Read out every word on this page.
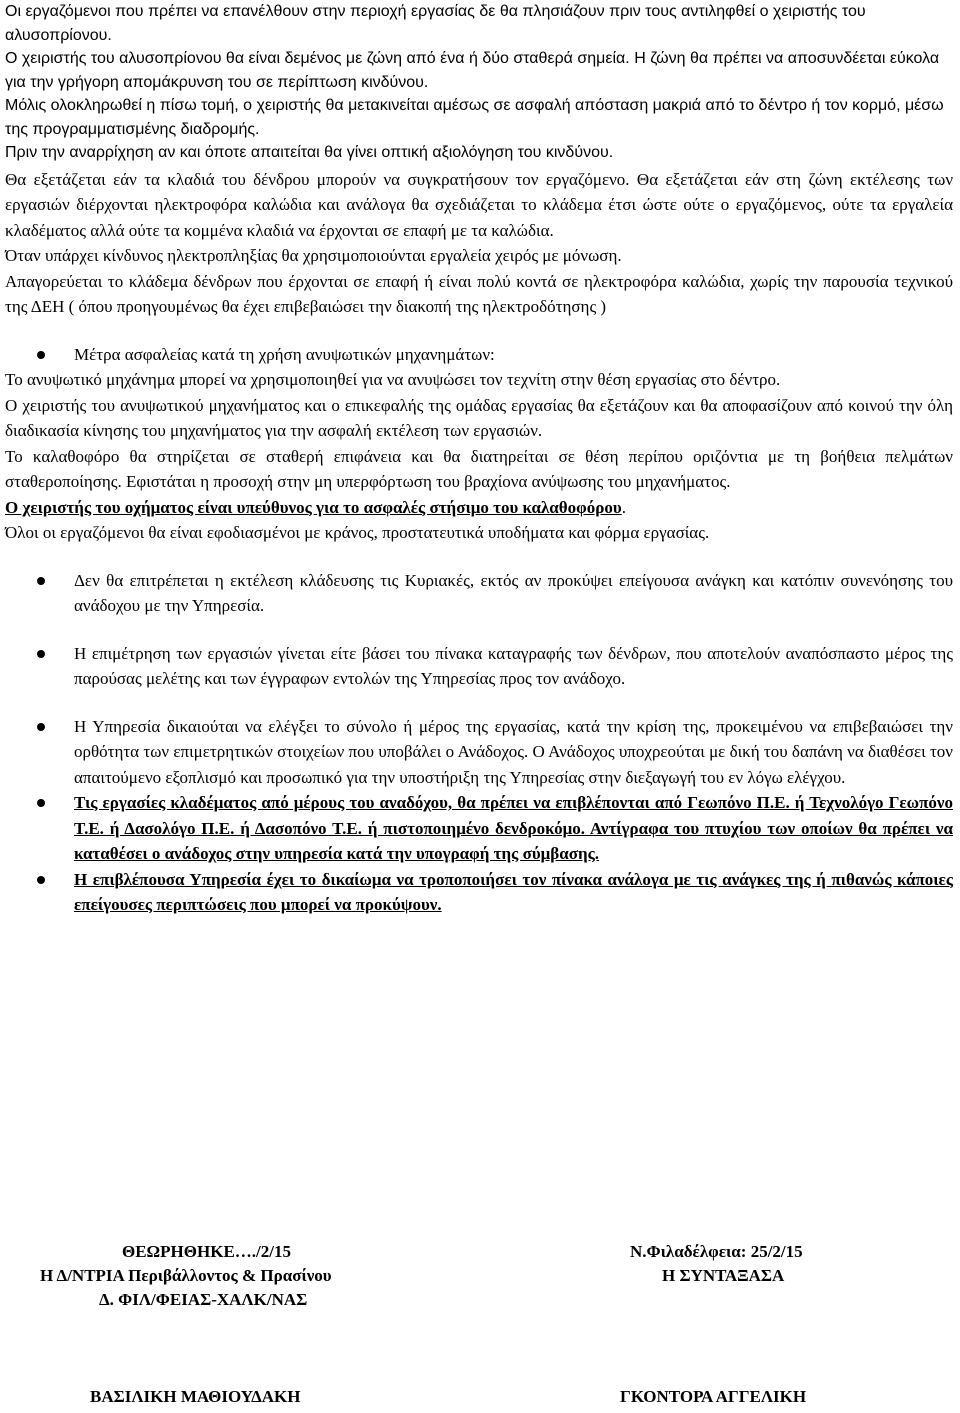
Οι εργαζόμενοι που πρέπει να επανέλθουν στην περιοχή εργασίας δε θα πλησιάζουν πριν τους αντιληφθεί ο χειριστής του αλυσοπρίονου.

Ο χειριστής του αλυσοπρίονου θα είναι δεμένος με ζώνη από ένα ή δύο σταθερά σημεία. Η ζώνη θα πρέπει να αποσυνδέεται εύκολα για την γρήγορη απομάκρυνση του σε περίπτωση κινδύνου.

Μόλις ολοκληρωθεί η πίσω τομή, ο χειριστής θα μετακινείται αμέσως σε ασφαλή απόσταση μακριά από το δέντρο ή τον κορμό, μέσω της προγραμματισμένης διαδρομής.

Πριν την αναρρίχηση αν και όποτε απαιτείται θα γίνει οπτική αξιολόγηση του κινδύνου.

Θα εξετάζεται εάν τα κλαδιά του δένδρου μπορούν να συγκρατήσουν τον εργαζόμενο. Θα εξετάζεται εάν στη ζώνη εκτέλεσης των εργασιών διέρχονται ηλεκτροφόρα καλώδια και ανάλογα θα σχεδιάζεται το κλάδεμα έτσι ώστε ούτε ο εργαζόμενος, ούτε τα εργαλεία κλαδέματος αλλά ούτε τα κομμένα κλαδιά να έρχονται σε επαφή με τα καλώδια.

Όταν υπάρχει κίνδυνος ηλεκτροπληξίας θα χρησιμοποιούνται εργαλεία χειρός με μόνωση.

Απαγορεύεται το κλάδεμα δένδρων που έρχονται σε επαφή ή είναι πολύ κοντά σε ηλεκτροφόρα καλώδια, χωρίς την παρουσία τεχνικού της ΔΕΗ ( όπου προηγουμένως θα έχει επιβεβαιώσει την διακοπή της ηλεκτροδότησης )

Μέτρα ασφαλείας κατά τη χρήση ανυψωτικών μηχανημάτων:

Το ανυψωτικό μηχάνημα μπορεί να χρησιμοποιηθεί για να ανυψώσει τον τεχνίτη στην θέση εργασίας στο δέντρο.

Ο χειριστής του ανυψωτικού μηχανήματος και ο επικεφαλής της ομάδας εργασίας θα εξετάζουν και θα αποφασίζουν από κοινού την όλη διαδικασία κίνησης του μηχανήματος για την ασφαλή εκτέλεση των εργασιών.

Το καλαθοφόρο θα στηρίζεται σε σταθερή επιφάνεια και θα διατηρείται σε θέση περίπου οριζόντια με τη βοήθεια πελμάτων σταθεροποίησης. Εφιστάται η προσοχή στην μη υπερφόρτωση του βραχίονα ανύψωσης του μηχανήματος.

Ο χειριστής του οχήματος είναι υπεύθυνος για το ασφαλές στήσιμο του καλαθοφόρου.

Όλοι οι εργαζόμενοι θα είναι εφοδιασμένοι με κράνος, προστατευτικά υποδήματα και φόρμα εργασίας.

Δεν θα επιτρέπεται η εκτέλεση κλάδευσης τις Κυριακές, εκτός αν προκύψει επείγουσα ανάγκη και κατόπιν συνενόησης του ανάδοχου με την Υπηρεσία.
Η επιμέτρηση των εργασιών γίνεται είτε βάσει του πίνακα καταγραφής των δένδρων, που αποτελούν αναπόσπαστο μέρος της παρούσας μελέτης και των έγγραφων εντολών της Υπηρεσίας προς τον ανάδοχο.
Η Υπηρεσία δικαιούται να ελέγξει το σύνολο ή μέρος της εργασίας, κατά την κρίση της, προκειμένου να επιβεβαιώσει την ορθότητα των επιμετρητικών στοιχείων που υποβάλει ο Ανάδοχος. Ο Ανάδοχος υποχρεούται με δική του δαπάνη να διαθέσει τον απαιτούμενο εξοπλισμό και προσωπικό για την υποστήριξη της Υπηρεσίας στην διεξαγωγή του εν λόγω ελέγχου.
Τις εργασίες κλαδέματος από μέρους του αναδόχου, θα πρέπει να επιβλέπονται από Γεωπόνο Π.Ε. ή Τεχνολόγο Γεωπόνο Τ.Ε. ή Δασολόγο Π.Ε. ή Δασοπόνο Τ.Ε. ή πιστοποιημένο δενδροκόμο. Αντίγραφα του πτυχίου των οποίων θα πρέπει να καταθέσει ο ανάδοχος στην υπηρεσία κατά την υπογραφή της σύμβασης.
Η επιβλέπουσα Υπηρεσία έχει το δικαίωμα να τροποποιήσει τον πίνακα ανάλογα με τις ανάγκες της ή πιθανώς κάποιες επείγουσες περιπτώσεις που μπορεί να προκύψουν.
ΘΕΩΡΗΘΗΚΕ…./2/15
Η Δ/ΝΤΡΙΑ Περιβάλλοντος & Πρασίνου
Δ. ΦΙΛ/ΦΕΙΑΣ-ΧΑΛΚ/ΝΑΣ
Ν.Φιλαδέλφεια: 25/2/15
Η ΣΥΝΤΑΞΑΣΑ
ΒΑΣΙΛΙΚΗ ΜΑΘΙΟΥΔΑΚΗ	ΓΚΟΝΤΟΡΑ ΑΓΓΕΛΙΚΗ
